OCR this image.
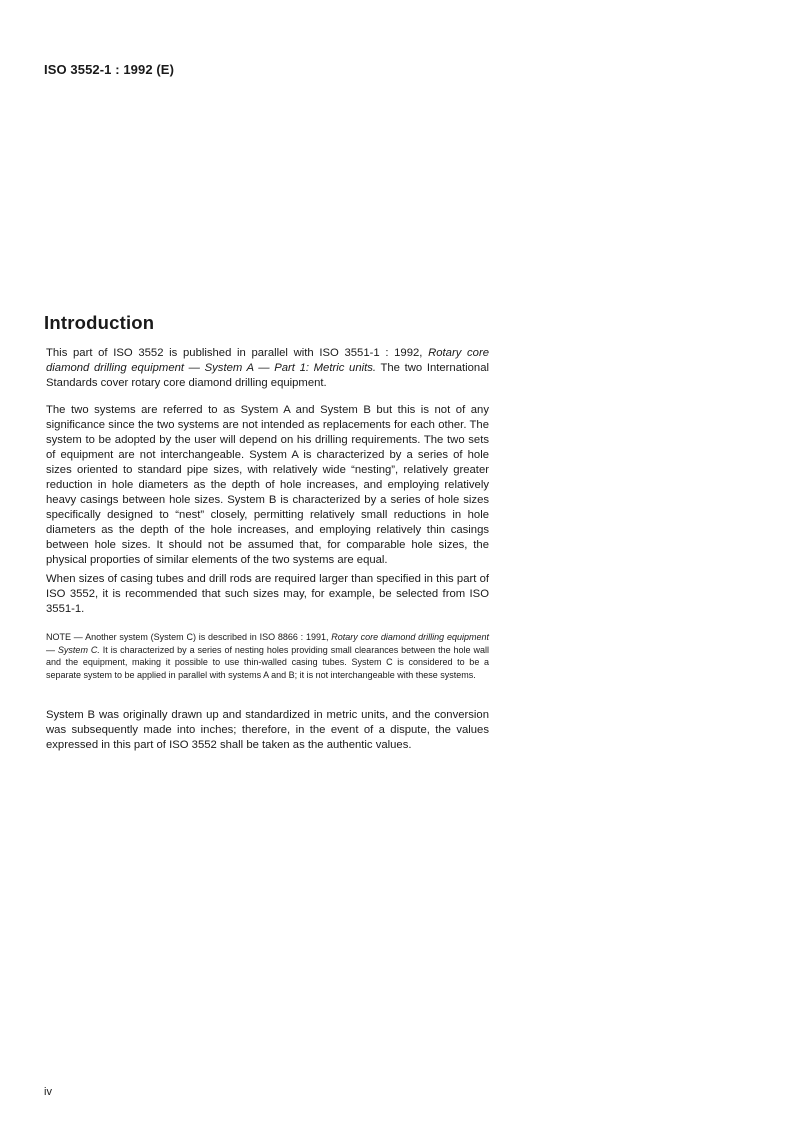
ISO 3552-1 : 1992 (E)
Introduction

This part of ISO 3552 is published in parallel with ISO 3551-1 : 1992, Rotary core diamond drilling equipment — System A — Part 1: Metric units. The two International Standards cover rotary core diamond drilling equipment.

The two systems are referred to as System A and System B but this is not of any significance since the two systems are not intended as replacements for each other. The system to be adopted by the user will depend on his drilling requirements. The two sets of equipment are not interchangeable. System A is characterized by a series of hole sizes oriented to standard pipe sizes, with relatively wide “nesting”, relatively greater reduction in hole diameters as the depth of hole increases, and employing relatively heavy casings between hole sizes. System B is characterized by a series of hole sizes specifically designed to “nest” closely, permitting relatively small reductions in hole diameters as the depth of the hole increases, and employing relatively thin casings between hole sizes. It should not be assumed that, for comparable hole sizes, the physical proporties of similar elements of the two systems are equal.

When sizes of casing tubes and drill rods are required larger than specified in this part of ISO 3552, it is recommended that such sizes may, for example, be selected from ISO 3551-1.

NOTE — Another system (System C) is described in ISO 8866 : 1991, Rotary core diamond drilling equipment — System C. It is characterized by a series of nesting holes providing small clearances between the hole wall and the equipment, making it possible to use thin-walled casing tubes. System C is considered to be a separate system to be applied in parallel with systems A and B; it is not interchangeable with these systems.

System B was originally drawn up and standardized in metric units, and the conversion was subsequently made into inches; therefore, in the event of a dispute, the values expressed in this part of ISO 3552 shall be taken as the authentic values.

iv
